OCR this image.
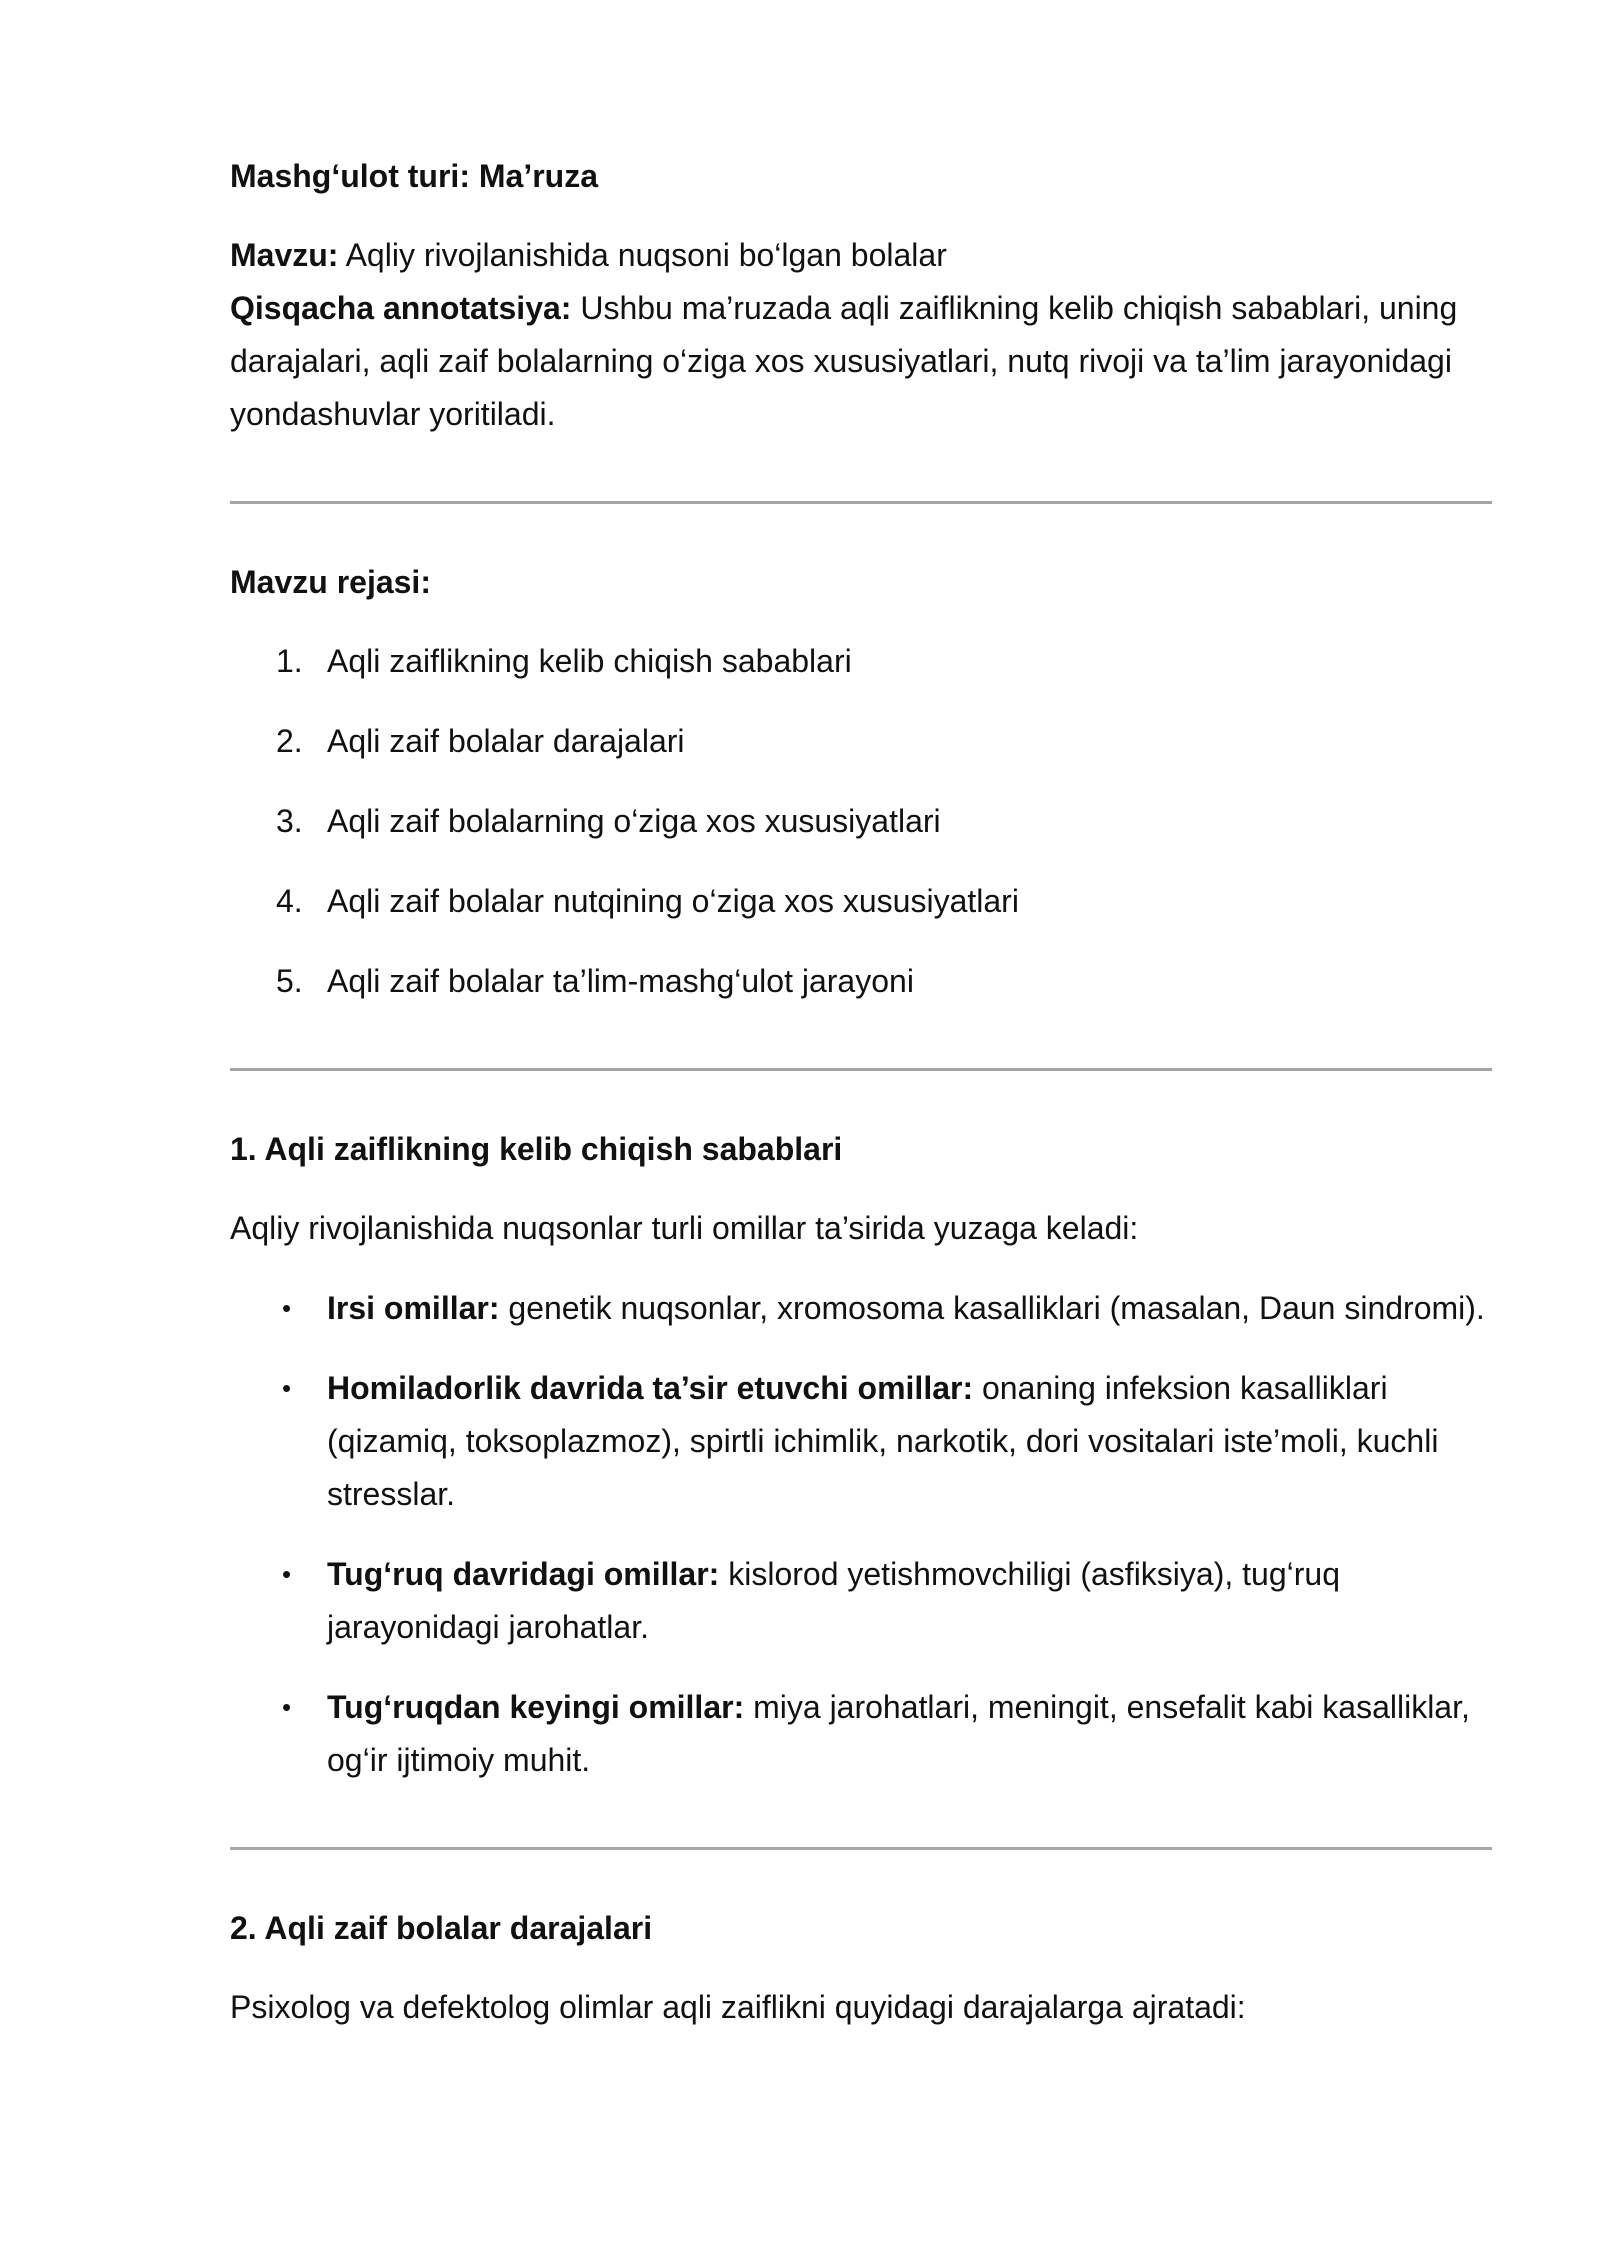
Mashg‘ulot turi: Ma’ruza

Mavzu: Aqliy rivojlanishida nuqsoni bo‘lgan bolalar

Qisqacha annotatsiya: Ushbu ma’ruzada aqli zaiflikning kelib chiqish sabablari, uning darajalari, aqli zaif bolalarning o‘ziga xos xususiyatlari, nutq rivoji va ta’lim jarayonidagi yondashuvlar yoritiladi.

Mavzu rejasi:
1. Aqli zaiflikning kelib chiqish sabablari
2. Aqli zaif bolalar darajalari
3. Aqli zaif bolalarning o‘ziga xos xususiyatlari
4. Aqli zaif bolalar nutqining o‘ziga xos xususiyatlari
5. Aqli zaif bolalar ta’lim-mashg‘ulot jarayoni
1. Aqli zaiflikning kelib chiqish sabablari

Aqliy rivojlanishida nuqsonlar turli omillar ta’sirida yuzaga keladi:

• Irsi omillar: genetik nuqsonlar, xromosoma kasalliklari (masalan, Daun sindromi).
• Homiladorlik davrida ta’sir etuvchi omillar: onaning infeksion kasalliklari (qizamiq, toksoplazmoz), spirtli ichimlik, narkotik, dori vositalari iste’moli, kuchli stresslar.
• Tug‘ruq davridagi omillar: kislorod yetishmovchiligi (asfiksiya), tug‘ruq jarayonidagi jarohatlar.
• Tug‘ruqdan keyingi omillar: miya jarohatlari, meningit, ensefalit kabi kasalliklar, og‘ir ijtimoiy muhit.
2. Aqli zaif bolalar darajalari

Psixolog va defektolog olimlar aqli zaiflikni quyidagi darajalarga ajratadi:
